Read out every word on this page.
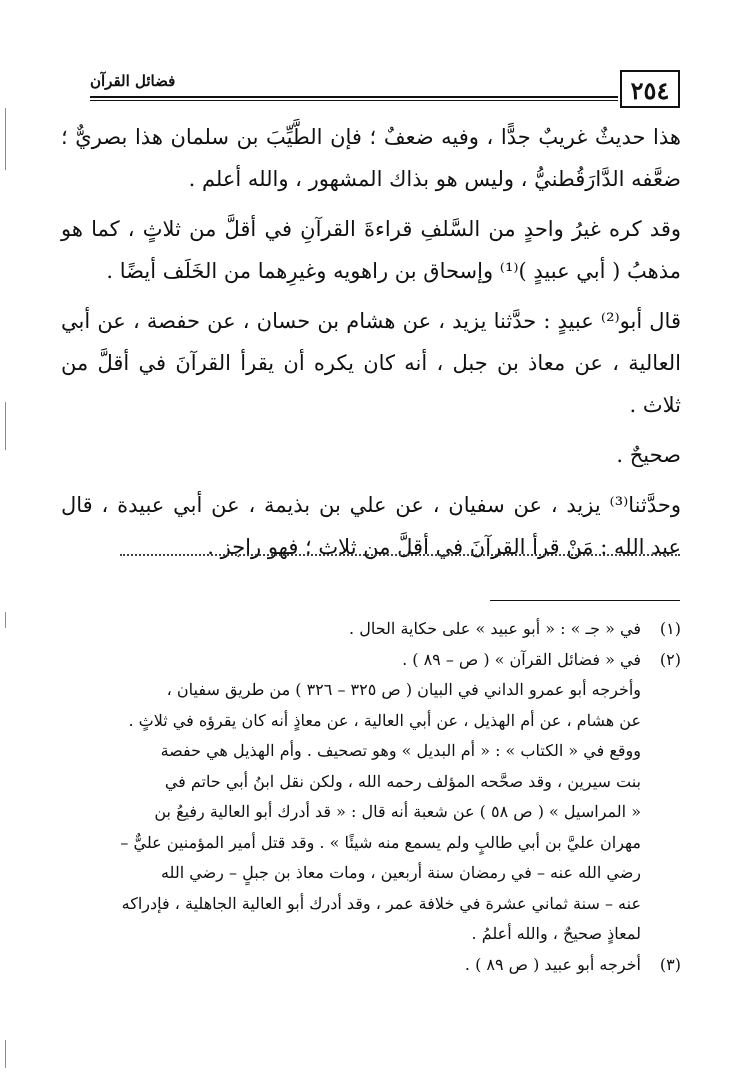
٢٥٤
فضائل القرآن

هذا حديثٌ غريبٌ جدًّا ، وفيه ضعفٌ ؛ فإن الطَّيِّبَ بن سلمان هذا بصريٌّ ؛ ضعَّفه الدَّارَقُطنيُّ ، وليس هو بذاك المشهور ، والله أعلم .

وقد كره غيرُ واحدٍ من السَّلفِ قراءةَ القرآنِ في أقلَّ من ثلاثٍ ، كما هو مذهبُ ( أبي عبيدٍ )⁽¹⁾ وإسحاق بن راهويه وغيرِهما من الخَلَف أيضًا .

قال أبو⁽²⁾ عبيدٍ : حدَّثنا يزيد ، عن هشام بن حسان ، عن حفصة ، عن أبي العالية ، عن معاذ بن جبل ، أنه كان يكره أن يقرأ القرآنَ في أقلَّ من ثلاث .

صحيحٌ .

وحدَّثنا⁽³⁾ يزيد ، عن سفيان ، عن علي بن بذيمة ، عن أبي عبيدة ، قال عبد الله : مَنْ قرأ القرآنَ في أقلَّ من ثلاث ؛ فهو راجز .

(١)
في « جـ » : « أبو عبيد » على حكاية الحال .
(٢)
في « فضائل القرآن » ( ص – ٨٩ ) .
وأخرجه أبو عمرو الداني في البيان ( ص ٣٢٥ – ٣٢٦ ) من طريق سفيان ،
عن هشام ، عن أم الهذيل ، عن أبي العالية ، عن معاذٍ أنه كان يقرؤه في ثلاثٍ .
ووقع في « الكتاب » : « أم البديل » وهو تصحيف . وأم الهذيل هي حفصة
بنت سيرين ، وقد صحَّحه المؤلف رحمه الله ، ولكن نقل ابنُ أبي حاتم في
« المراسيل » ( ص ٥٨ ) عن شعبة أنه قال : « قد أدرك أبو العالية رفيعُ بن
مهران عليَّ بن أبي طالبٍ ولم يسمع منه شيئًا » . وقد قتل أمير المؤمنين عليٌّ –
رضي الله عنه – في رمضان سنة أربعين ، ومات معاذ بن جبلٍ – رضي الله
عنه – سنة ثماني عشرة في خلافة عمر ، وقد أدرك أبو العالية الجاهلية ، فإدراكه
لمعاذٍ صحيحٌ ، والله أعلمُ .
(٣)
أخرجه أبو عبيد ( ص ٨٩ ) .
